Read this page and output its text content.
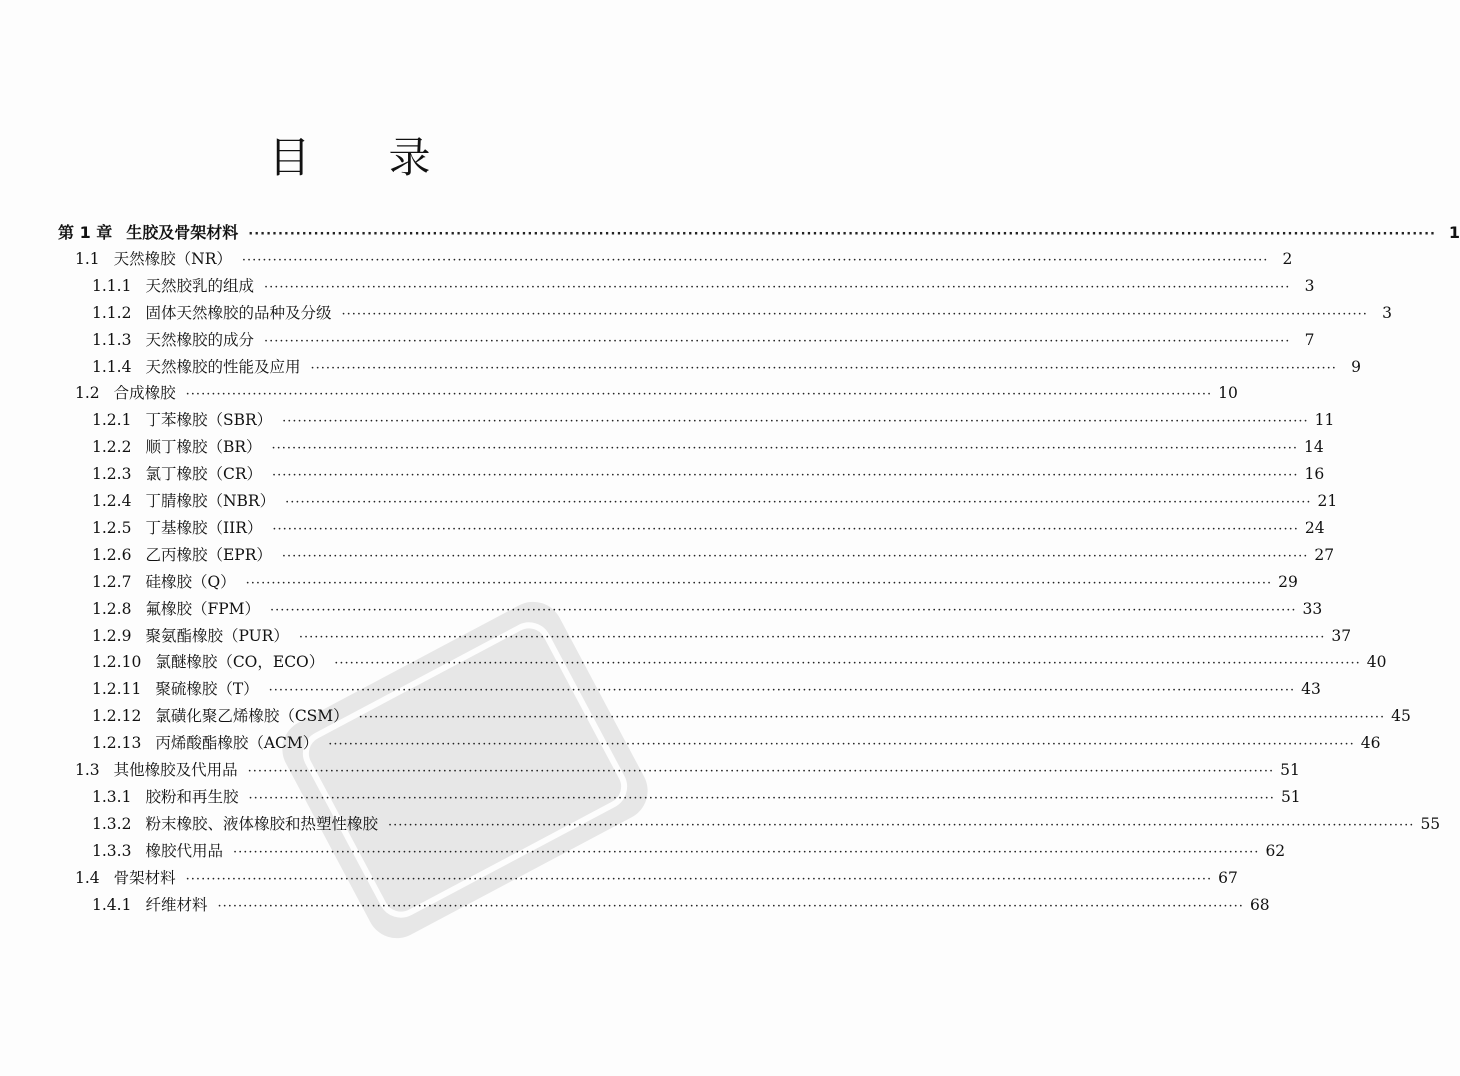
目 录
第 1 章 生胶及骨架材料 ········································································································································································································ 1
1.1 天然橡胶（NR） ········································································································································································································ 2
1.1.1 天然胶乳的组成 ········································································································································································································ 3
1.1.2 固体天然橡胶的品种及分级 ········································································································································································································ 3
1.1.3 天然橡胶的成分 ········································································································································································································ 7
1.1.4 天然橡胶的性能及应用 ········································································································································································································ 9
1.2 合成橡胶 ········································································································································································································ 10
1.2.1 丁苯橡胶（SBR） ········································································································································································································ 11
1.2.2 顺丁橡胶（BR） ········································································································································································································ 14
1.2.3 氯丁橡胶（CR） ········································································································································································································ 16
1.2.4 丁腈橡胶（NBR） ········································································································································································································ 21
1.2.5 丁基橡胶（IIR） ········································································································································································································ 24
1.2.6 乙丙橡胶（EPR） ········································································································································································································ 27
1.2.7 硅橡胶（Q） ········································································································································································································ 29
1.2.8 氟橡胶（FPM） ········································································································································································································ 33
1.2.9 聚氨酯橡胶（PUR） ········································································································································································································ 37
1.2.10 氯醚橡胶（CO，ECO） ········································································································································································································ 40
1.2.11 聚硫橡胶（T） ········································································································································································································ 43
1.2.12 氯磺化聚乙烯橡胶（CSM） ········································································································································································································ 45
1.2.13 丙烯酸酯橡胶（ACM） ········································································································································································································ 46
1.3 其他橡胶及代用品 ········································································································································································································ 51
1.3.1 胶粉和再生胶 ········································································································································································································ 51
1.3.2 粉末橡胶、液体橡胶和热塑性橡胶 ········································································································································································································ 55
1.3.3 橡胶代用品 ········································································································································································································ 62
1.4 骨架材料 ········································································································································································································ 67
1.4.1 纤维材料 ········································································································································································································ 68
